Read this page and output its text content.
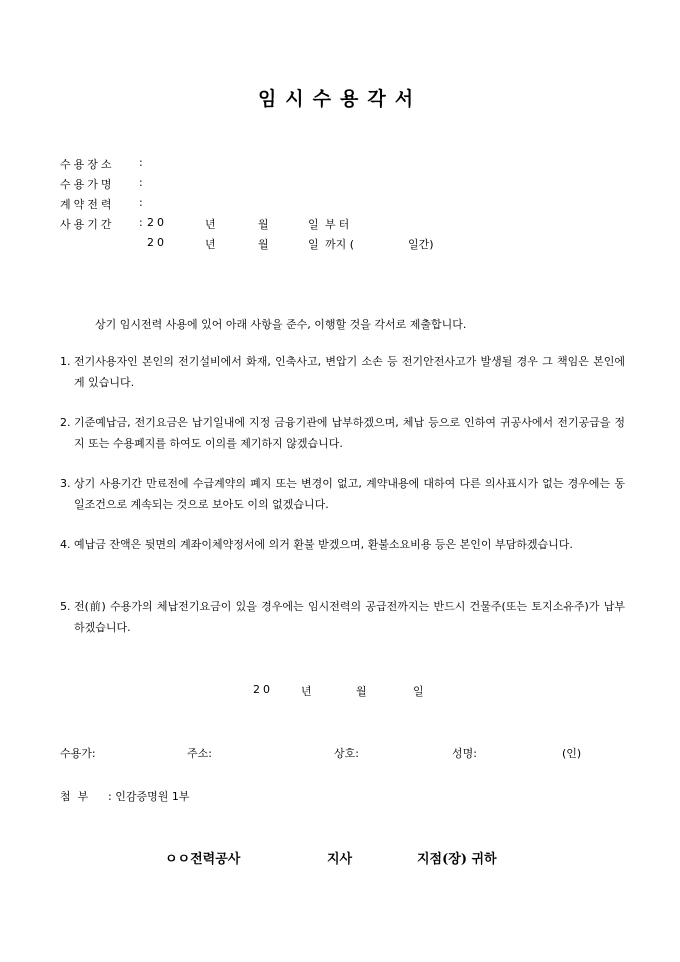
임시수용각서
수용장소 :
수용가명 :
계약전력 :
사용기간 : 20	년	월	일 부터
20	년	월	일 까지 (	일간)
상기 임시전력 사용에 있어 아래 사항을 준수, 이행할 것을 각서로 제출합니다.
1. 전기사용자인 본인의 전기설비에서 화재, 인축사고, 변압기 소손 등 전기안전사고가 발생될 경우 그 책임은 본인에게 있습니다.
2. 기준예납금, 전기요금은 납기일내에 지정 금융기관에 납부하겠으며, 체납 등으로 인하여 귀공사에서 전기공급을 정지 또는 수용폐지를 하여도 이의를 제기하지 않겠습니다.
3. 상기 사용기간 만료전에 수급계약의 폐지 또는 변경이 없고, 계약내용에 대하여 다른 의사표시가 없는 경우에는 동일조건으로 계속되는 것으로 보아도 이의 없겠습니다.
4. 예납금 잔액은 뒷면의 계좌이체약정서에 의거 환불 받겠으며, 환불소요비용 등은 본인이 부담하겠습니다.
5. 전(前) 수용가의 체납전기요금이 있을 경우에는 임시전력의 공급전까지는 반드시 건물주(또는 토지소유주)가 납부하겠습니다.
20	년	월	일
수용가:	주소:	상호:	성명:	(인)
첨  부 : 인감증명원 1부
ㅇㅇ전력공사	지사	지점(장) 귀하
